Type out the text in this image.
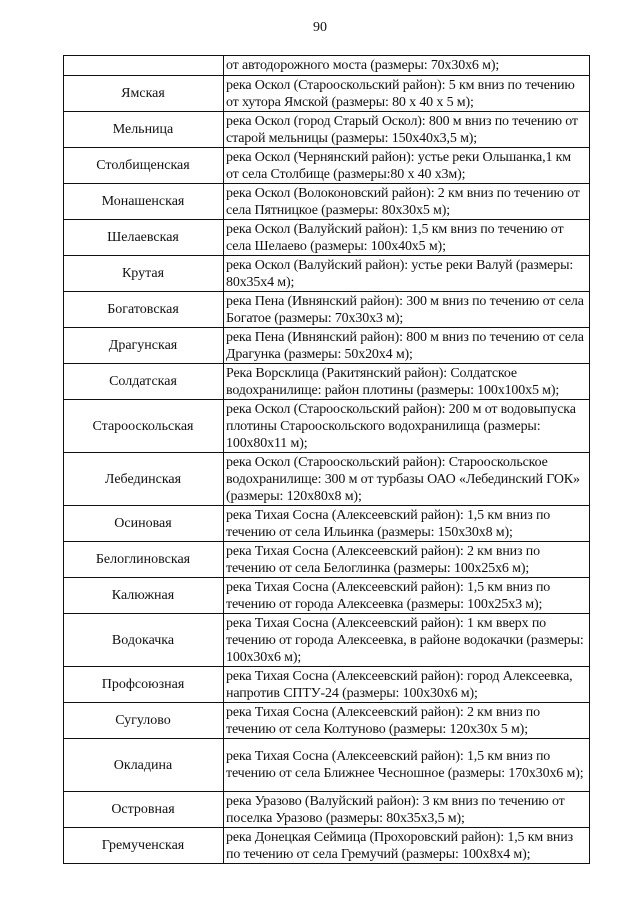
90
	от автодорожного моста (размеры: 70х30х6 м);
Ямская	река Оскол (Старооскольский район): 5 км вниз по течению от хутора Ямской (размеры: 80 х 40 х 5 м);
Мельница	река Оскол (город Старый Оскол): 800 м вниз по течению от старой мельницы (размеры: 150х40х3,5 м);
Столбищенская	река Оскол (Чернянский район): устье реки Ольшанка,1 км от села Столбище (размеры:80 х 40 х3м);
Монашенская	река Оскол (Волоконовский район): 2 км вниз по течению от села Пятницкое (размеры: 80х30х5 м);
Шелаевская	река Оскол (Валуйский район): 1,5 км вниз по течению от села Шелаево (размеры: 100х40х5 м);
Крутая	река Оскол (Валуйский район): устье реки Валуй (размеры: 80х35х4 м);
Богатовская	река Пена (Ивнянский район): 300 м вниз по течению от села Богатое (размеры: 70х30х3 м);
Драгунская	река Пена (Ивнянский район): 800 м вниз по течению от села Драгунка (размеры: 50х20х4 м);
Солдатская	Река Ворсклица (Ракитянский район): Солдатское водохранилище: район плотины (размеры: 100х100х5 м);
Старооскольская	река Оскол (Старооскольский район): 200 м от водовыпуска плотины Старооскольского водохранилища (размеры: 100х80х11 м);
Лебединская	река Оскол (Старооскольский район): Старооскольское водохранилище: 300 м от турбазы ОАО «Лебединский ГОК» (размеры: 120х80х8 м);
Осиновая	река Тихая Сосна (Алексеевский район): 1,5 км вниз по течению от села Ильинка (размеры: 150х30х8 м);
Белоглиновская	река Тихая Сосна (Алексеевский район): 2 км вниз по течению от села Белоглинка (размеры: 100х25х6 м);
Калюжная	река Тихая Сосна (Алексеевский район): 1,5 км вниз по течению от города Алексеевка (размеры: 100х25х3 м);
Водокачка	река Тихая Сосна (Алексеевский район): 1 км вверх по течению от города Алексеевка, в районе водокачки (размеры: 100х30х6 м);
Профсоюзная	река Тихая Сосна (Алексеевский район): город Алексеевка, напротив СПТУ-24 (размеры: 100х30х6 м);
Сугулово	река Тихая Сосна (Алексеевский район): 2 км вниз по течению от села Колтуново (размеры: 120х30х 5 м);
Окладина	река Тихая Сосна (Алексеевский район): 1,5 км вниз по течению от села Ближнее Чесношное (размеры: 170х30х6 м);
Островная	река Уразово (Валуйский район): 3 км вниз по течению от поселка Уразово (размеры: 80х35х3,5 м);
Гремученская	река Донецкая Сеймица (Прохоровский район): 1,5 км вниз по течению от села Гремучий (размеры: 100х8х4 м);
